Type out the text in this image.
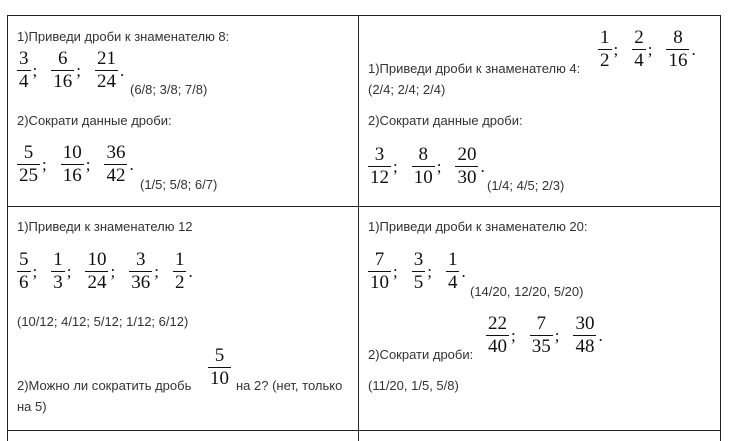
1)Приведи дроби к знаменателю 8:
$\frac{3}{4}$ ; $\frac{6}{16}$ ; $\frac{21}{24}$ .
(6/8; 3/8; 7/8)
2)Сократи данные дроби:
$\frac{5}{25}$ ; $\frac{10}{16}$ ; $\frac{36}{42}$ .
(1/5; 5/8; 6/7)
1)Приведи дроби к знаменателю 4: $\frac{1}{2}$ ; $\frac{2}{4}$ ; $\frac{8}{16}$ .
(2/4; 2/4; 2/4)
2)Сократи данные дроби:
$\frac{3}{12}$ ; $\frac{8}{10}$ ; $\frac{20}{30}$ .
(1/4; 4/5; 2/3)
1)Приведи к знаменателю 12
$\frac{5}{6}$ ; $\frac{1}{3}$ ; $\frac{10}{24}$ ; $\frac{3}{36}$ ; $\frac{1}{2}$ .
(10/12; 4/12; 5/12; 1/12; 6/12)
2)Можно ли сократить дробь $\frac{5}{10}$ на 2? (нет, только
на 5)
1)Приведи дроби к знаменателю 20:
$\frac{7}{10}$ ; $\frac{3}{5}$ ; $\frac{1}{4}$ .
(14/20, 12/20, 5/20)
$\frac{22}{40}$ ; $\frac{7}{35}$ ; $\frac{30}{48}$ .
2)Сократи дроби:
(11/20, 1/5, 5/8)
